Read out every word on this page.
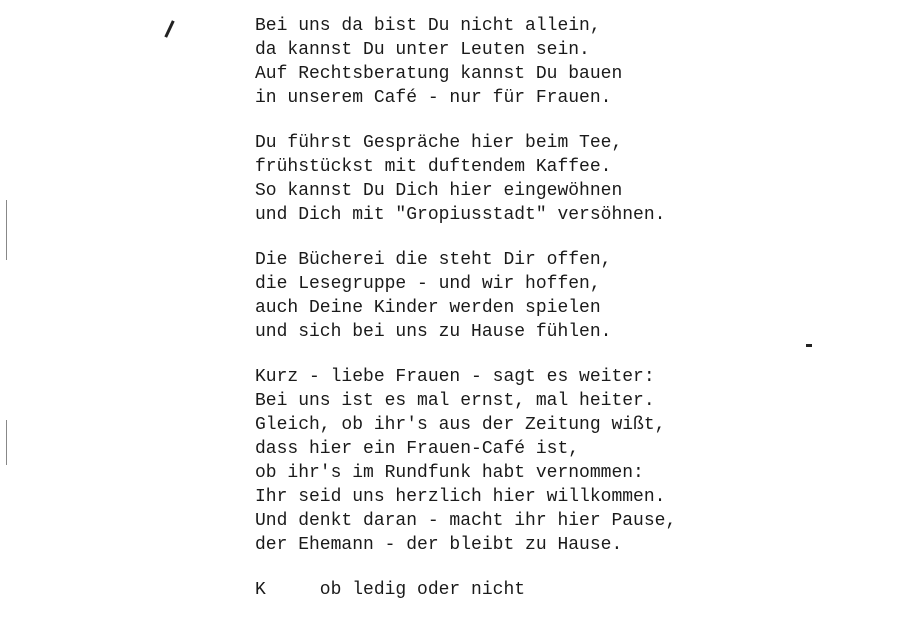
Bei uns da bist Du nicht allein,
da kannst Du unter Leuten sein.
Auf Rechtsberatung kannst Du bauen
in unserem Café - nur für Frauen.
Du führst Gespräche hier beim Tee,
frühstückst mit duftendem Kaffee.
So kannst Du Dich hier eingewöhnen
und Dich mit "Gropiusstadt" versöhnen.
Die Bücherei die steht Dir offen,
die Lesegruppe - und wir hoffen,
auch Deine Kinder werden spielen
und sich bei uns zu Hause fühlen.
Kurz - liebe Frauen - sagt es weiter:
Bei uns ist es mal ernst, mal heiter.
Gleich, ob ihr's aus der Zeitung wißt,
dass hier ein Frauen-Café ist,
ob ihr's im Rundfunk habt vernommen:
Ihr seid uns herzlich hier willkommen.
Und denkt daran - macht ihr hier Pause,
der Ehemann - der bleibt zu Hause.
K     ob ledig oder nicht
